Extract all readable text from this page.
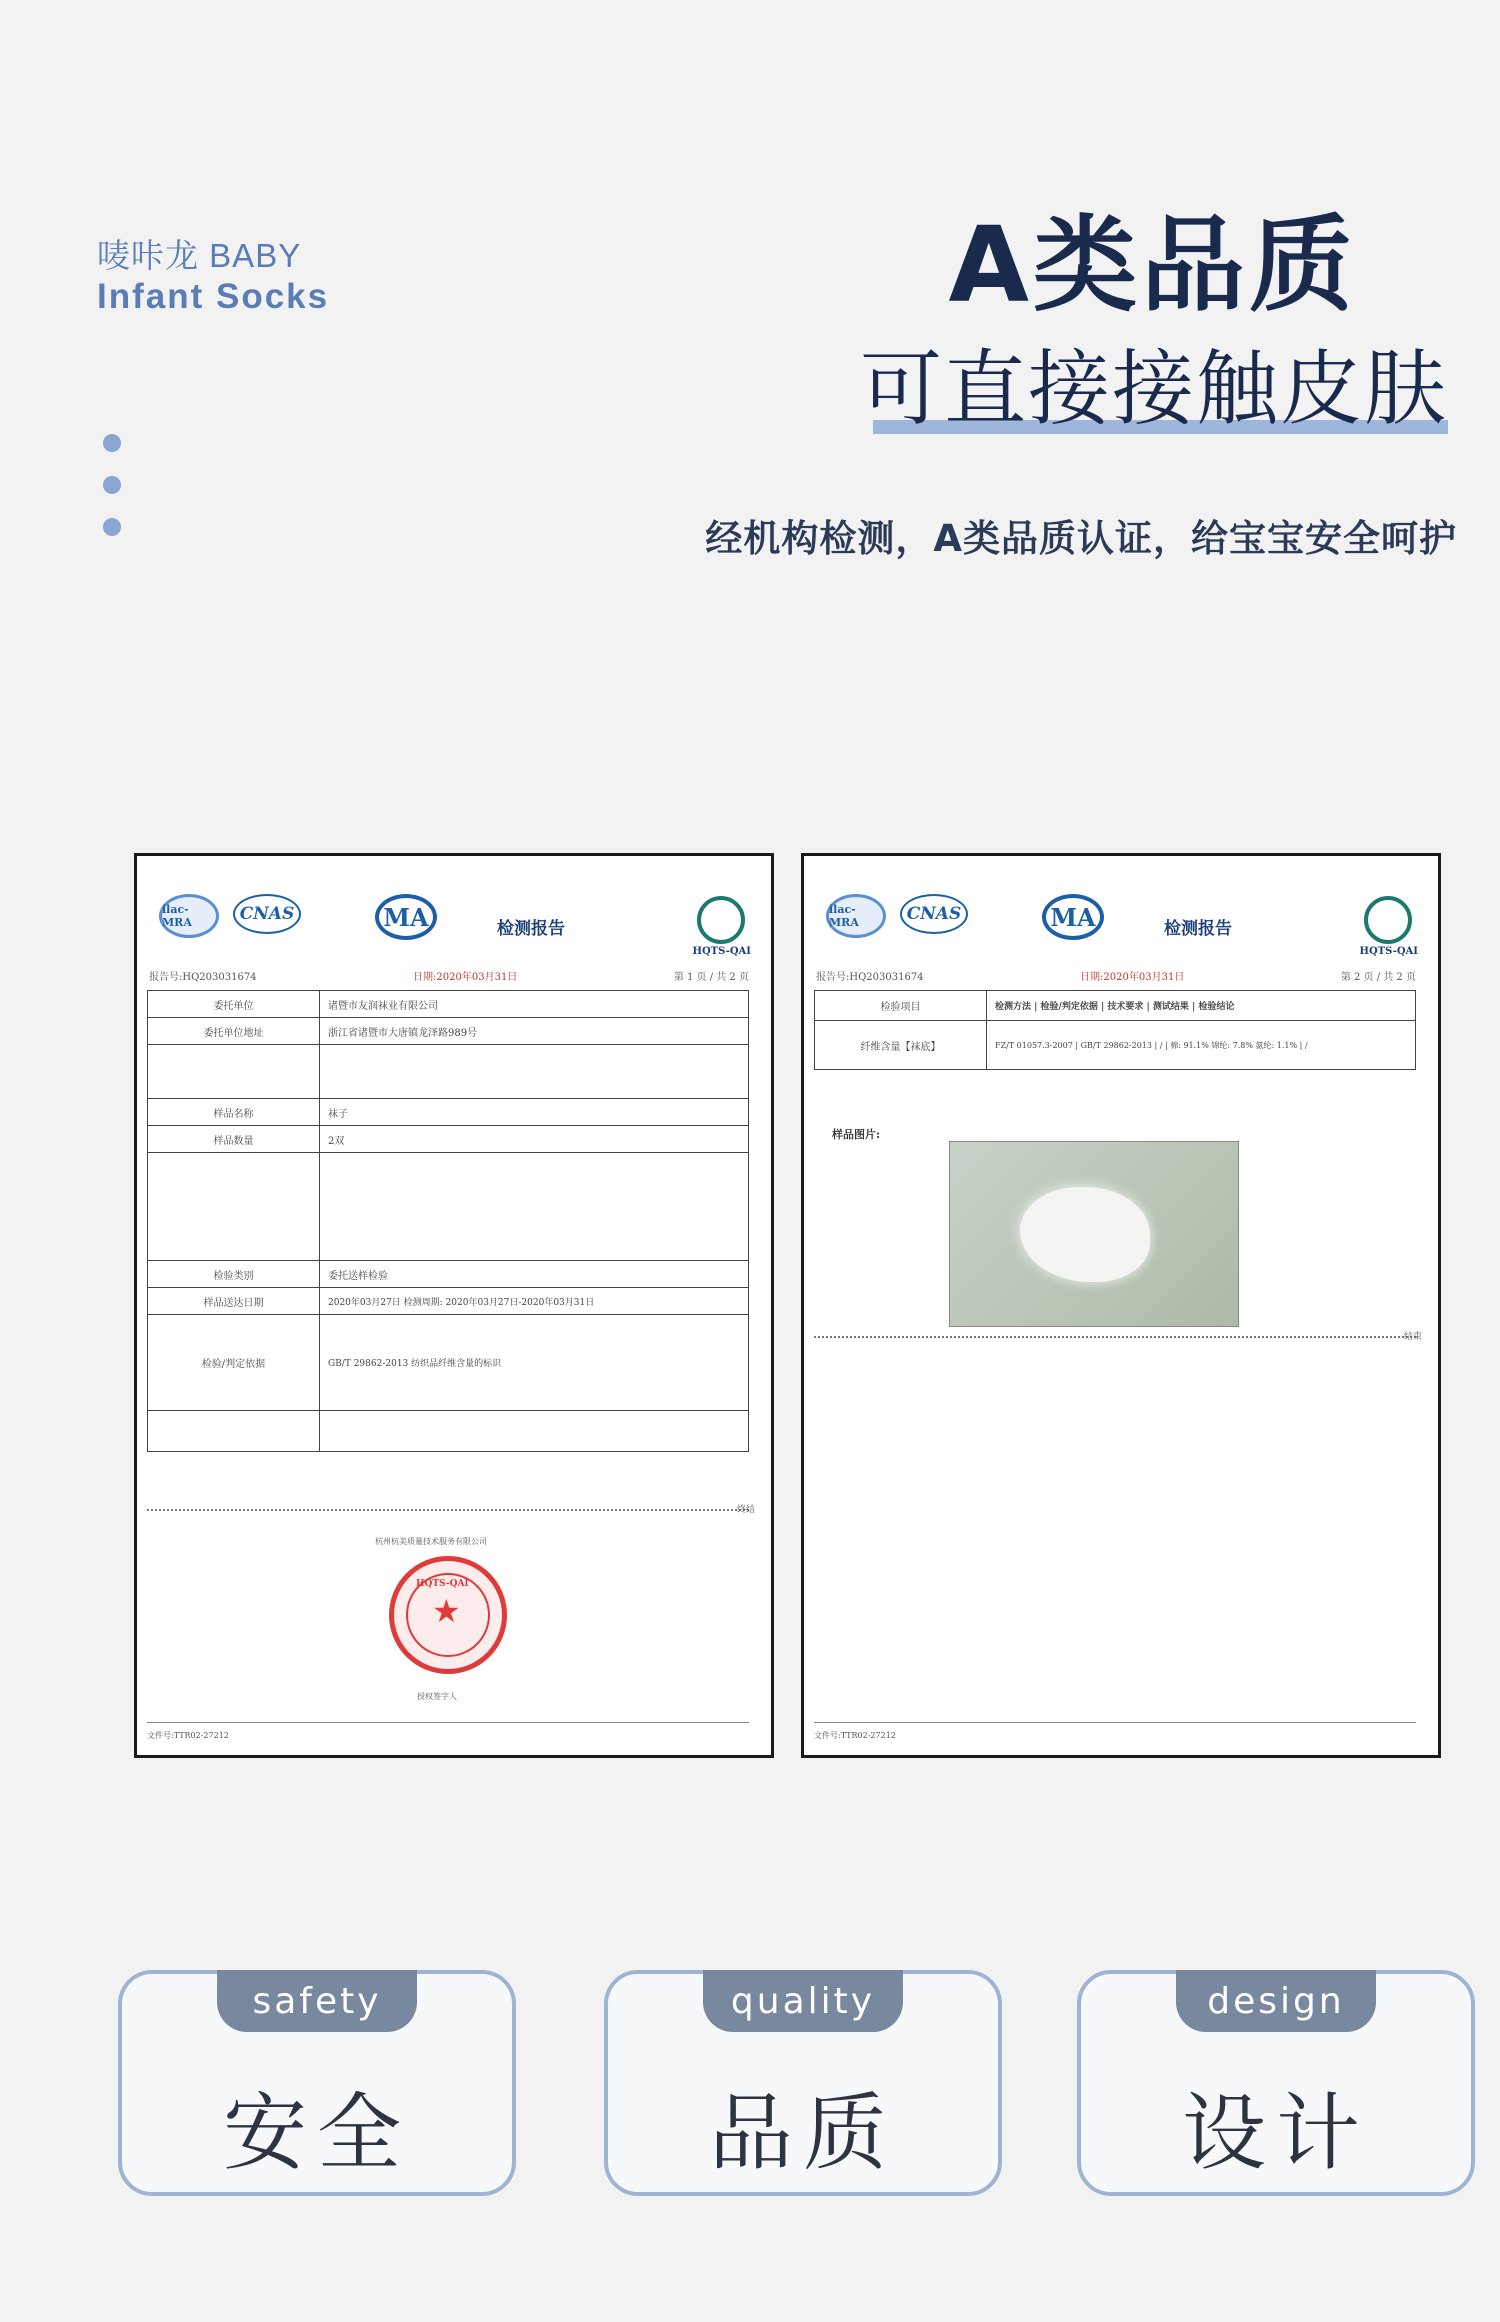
唛咔龙 BABY
Infant Socks	A类品质
可直接接触皮肤
经机构检测，A类品质认证，给宝宝安全呵护
ilac-MRA	CNAS	MA	检测报告
HQTS-QAI
报告号:HQ203031674	日期:2020年03月31日	第 1 页 / 共 2 页
委托单位	诸暨市友润袜业有限公司
委托单位地址	浙江省诸暨市大唐镇龙泽路989号
样品名称	袜子
样品数量	2双
检验类别	委托送样检验
样品送达日期	2020年03月27日 检测周期: 2020年03月27日-2020年03月31日
检验/判定依据	GB/T 29862-2013 纺织品纤维含量的标识
终结
杭州杭美质量技术服务有限公司
HQTS-QAI
★
授权签字人
文件号:TTR02-27212
ilac-MRA	CNAS	MA	检测报告
HQTS-QAI
报告号:HQ203031674	日期:2020年03月31日	第 2 页 / 共 2 页
检验项目	检测方法 | 检验/判定依据 | 技术要求 | 测试结果 | 检验结论
纤维含量【袜底】	FZ/T 01057.3-2007 | GB/T 29862-2013 | / | 棉: 91.1% 锦纶: 7.8% 氨纶: 1.1% | /
样品图片:
结束
文件号:TTR02-27212
safety
安全
quality
品质
design
设计
